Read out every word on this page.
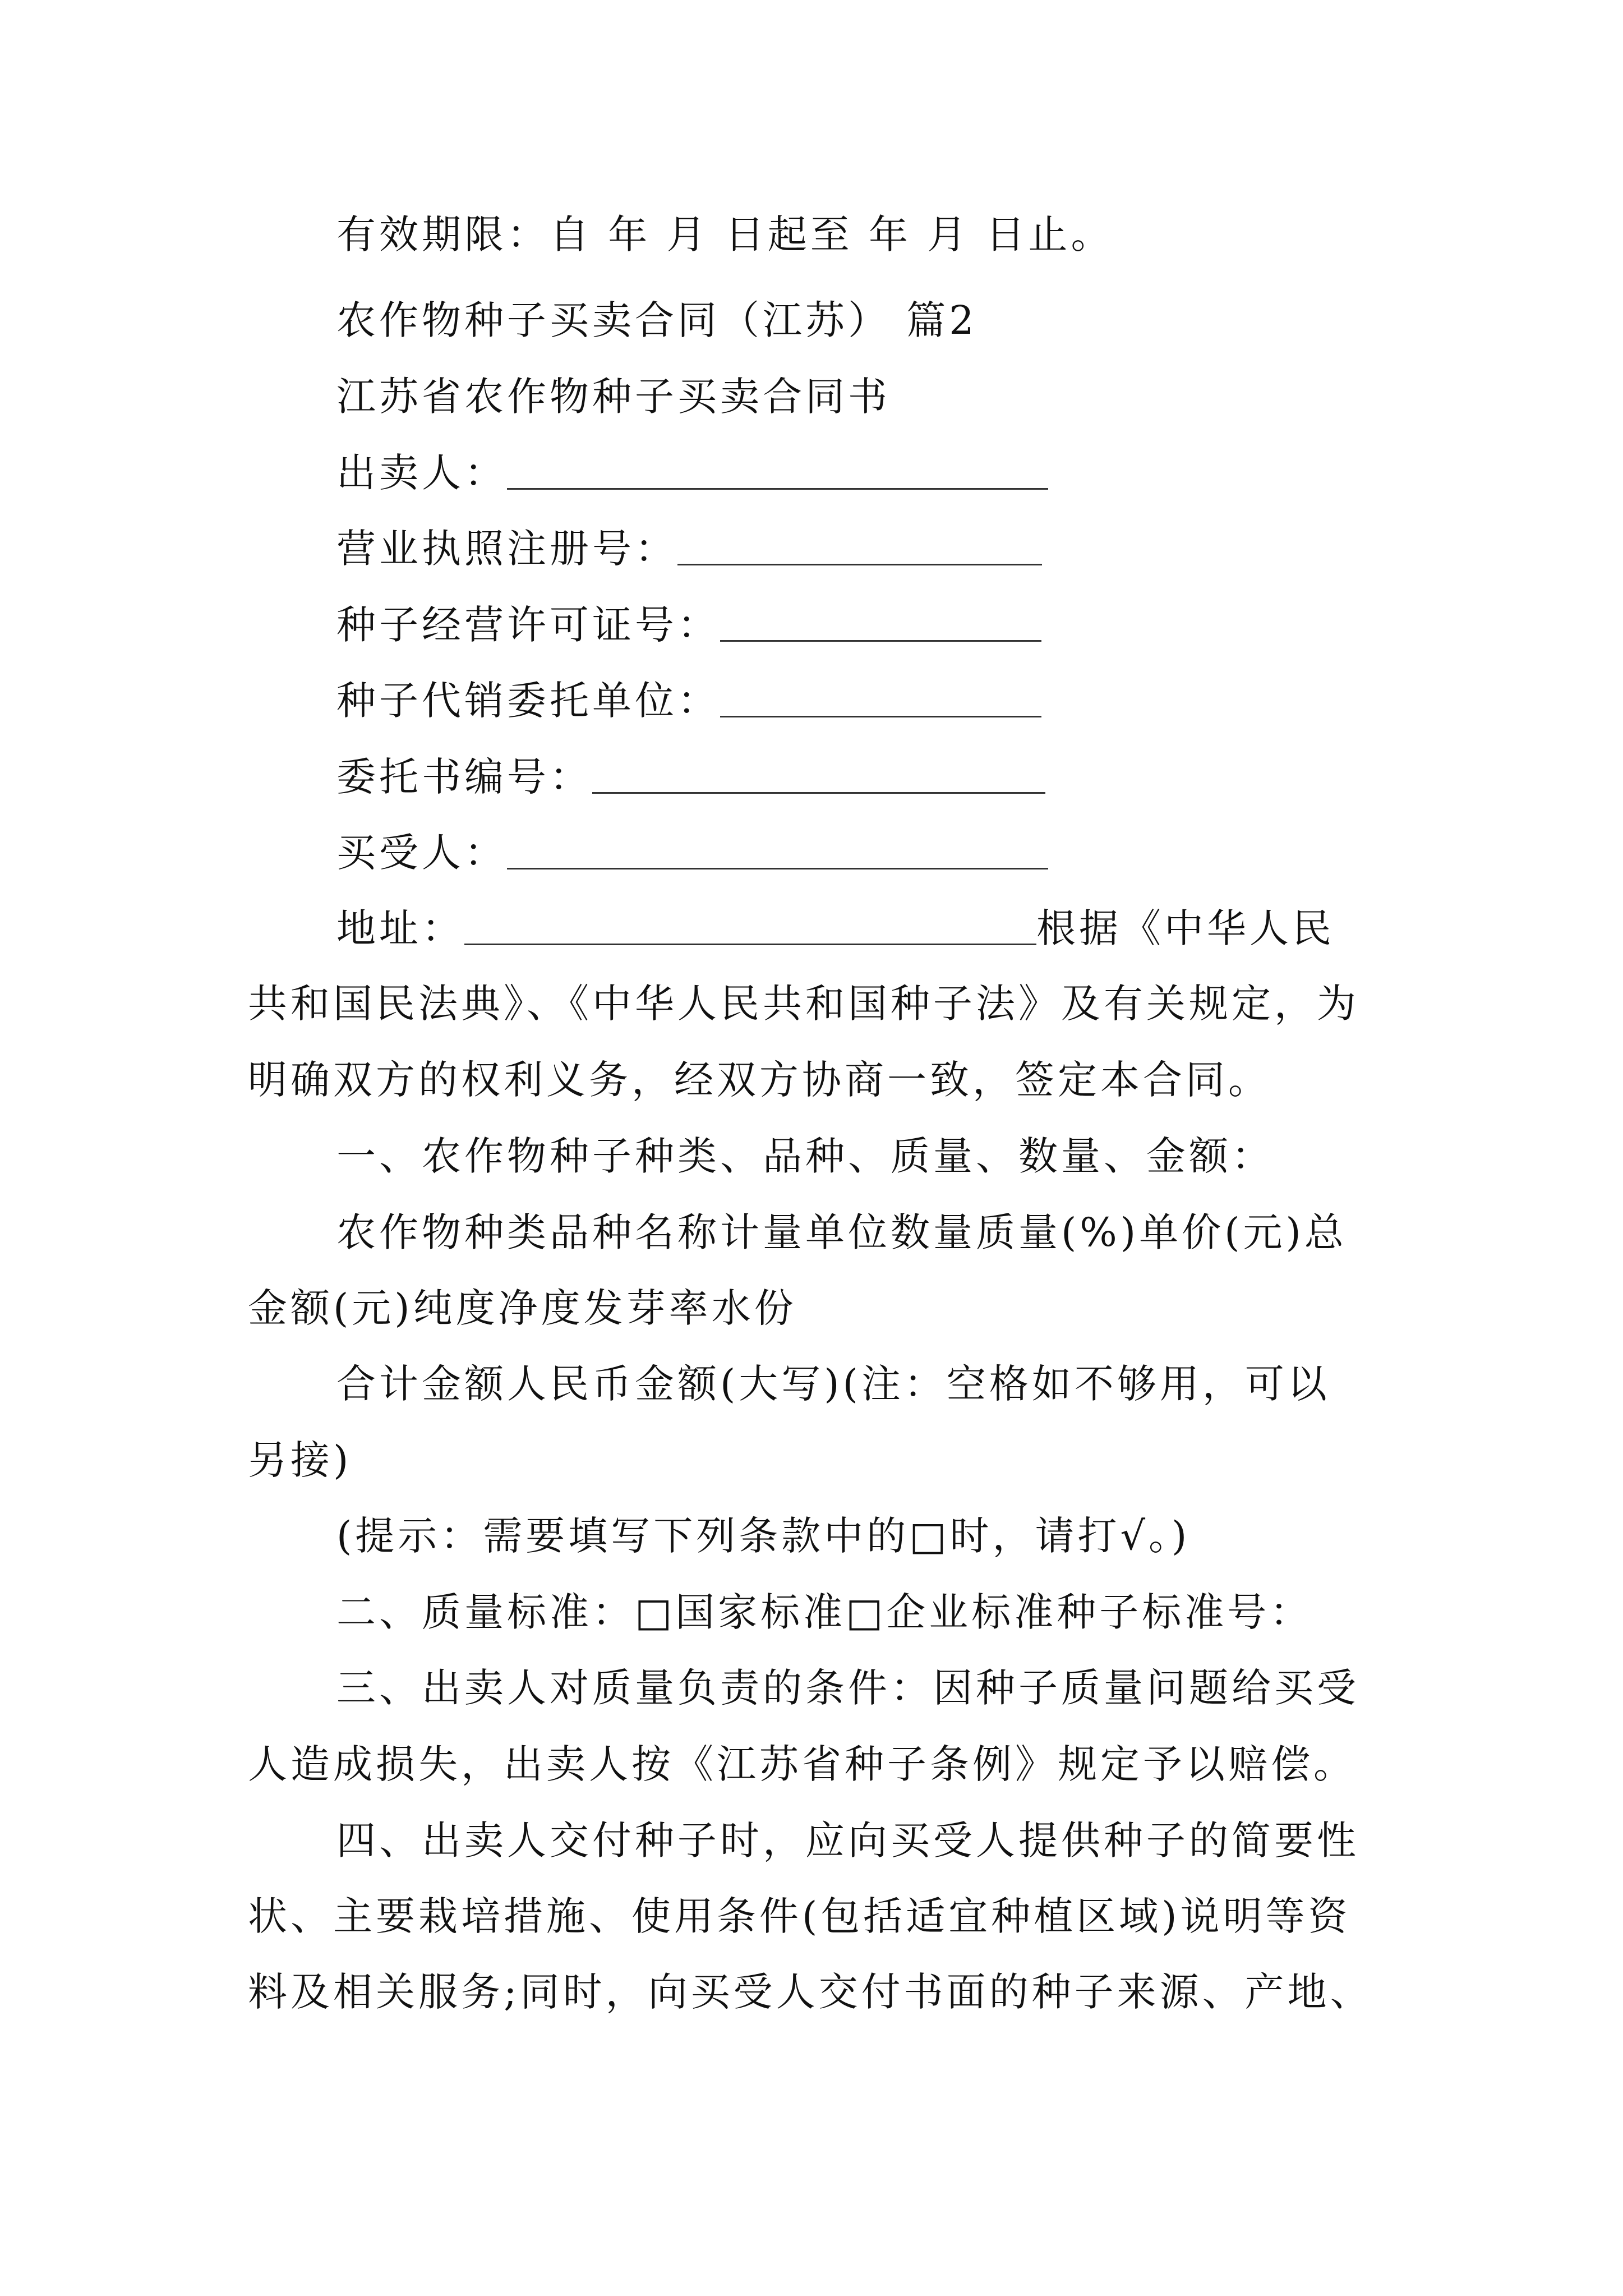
有效期限：自 年 月 日起至 年 月 日止。
农作物种子买卖合同（江苏） 篇2
江苏省农作物种子买卖合同书
出卖人：
营业执照注册号：
种子经营许可证号：
种子代销委托单位：
委托书编号：
买受人：
地址：	根据《中华人民
共和国民法典》、《中华人民共和国种子法》及有关规定，为
明确双方的权利义务，经双方协商一致，签定本合同。
一、农作物种子种类、品种、质量、数量、金额：
农作物种类品种名称计量单位数量质量(%)单价(元)总
金额(元)纯度净度发芽率水份
合计金额人民币金额(大写)(注：空格如不够用，可以
另接)
(提示：需要填写下列条款中的□时，请打√。)
二、质量标准：□国家标准□企业标准种子标准号：
三、出卖人对质量负责的条件：因种子质量问题给买受
人造成损失，出卖人按《江苏省种子条例》规定予以赔偿。
四、出卖人交付种子时，应向买受人提供种子的简要性
状、主要栽培措施、使用条件(包括适宜种植区域)说明等资
料及相关服务;同时，向买受人交付书面的种子来源、产地、
